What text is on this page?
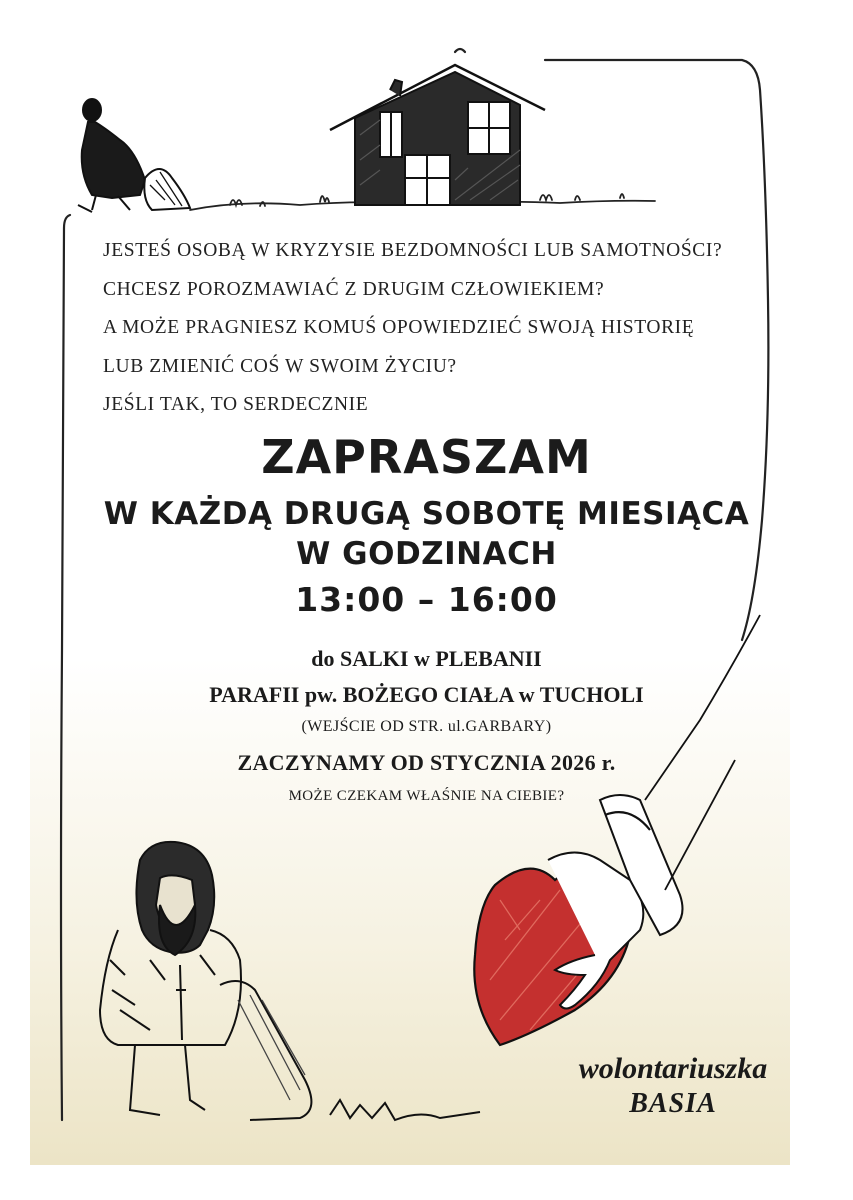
JESTEŚ OSOBĄ W KRYZYSIE BEZDOMNOŚCI LUB SAMOTNOŚCI?
CHCESZ POROZMAWIAĆ Z DRUGIM CZŁOWIEKIEM?
A MOŻE PRAGNIESZ KOMUŚ OPOWIEDZIEĆ SWOJĄ HISTORIĘ
LUB ZMIENIĆ COŚ W SWOIM ŻYCIU?
JEŚLI TAK, TO SERDECZNIE
ZAPRASZAM
W KAŻDĄ DRUGĄ SOBOTĘ MIESIĄCA
W GODZINACH
13:00 – 16:00
do SALKI w PLEBANII
PARAFII pw. BOŻEGO CIAŁA w TUCHOLI
(WEJŚCIE OD STR. ul.GARBARY)
ZACZYNAMY OD STYCZNIA 2026 r.
MOŻE CZEKAM WŁAŚNIE NA CIEBIE?
wolontariuszka
BASIA
